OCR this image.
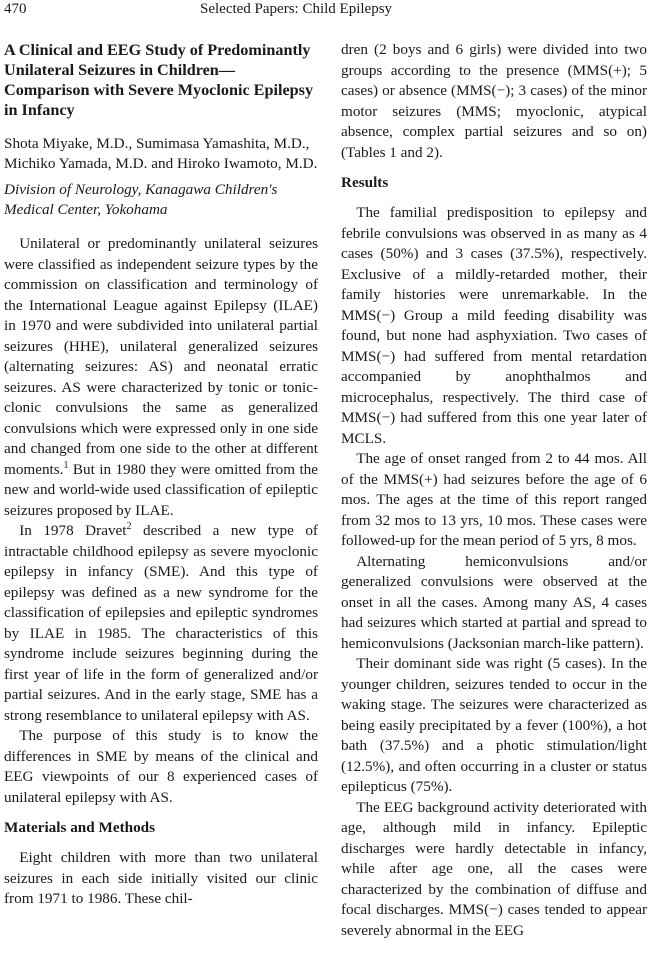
470	Selected Papers: Child Epilepsy
A Clinical and EEG Study of Predominantly Unilateral Seizures in Children—Comparison with Severe Myoclonic Epilepsy in Infancy

Shota Miyake, M.D., Sumimasa Yamashita, M.D., Michiko Yamada, M.D. and Hiroko Iwamoto, M.D.

Division of Neurology, Kanagawa Children's Medical Center, Yokohama

Unilateral or predominantly unilateral seizures were classified as independent seizure types by the commission on classification and terminology of the International League against Epilepsy (ILAE) in 1970 and were subdivided into unilateral partial seizures (HHE), unilateral generalized seizures (alternating seizures: AS) and neonatal erratic seizures. AS were characterized by tonic or tonic-clonic convulsions the same as generalized convulsions which were expressed only in one side and changed from one side to the other at different moments.$^1$ But in 1980 they were omitted from the new and world-wide used classification of epileptic seizures proposed by ILAE.

In 1978 Dravet$^2$ described a new type of intractable childhood epilepsy as severe myoclonic epilepsy in infancy (SME). And this type of epilepsy was defined as a new syndrome for the classification of epilepsies and epileptic syndromes by ILAE in 1985. The characteristics of this syndrome include seizures beginning during the first year of life in the form of generalized and/or partial seizures. And in the early stage, SME has a strong resemblance to unilateral epilepsy with AS.

The purpose of this study is to know the differences in SME by means of the clinical and EEG viewpoints of our 8 experienced cases of unilateral epilepsy with AS.

Materials and Methods

Eight children with more than two unilateral seizures in each side initially visited our clinic from 1971 to 1986. These chil-

dren (2 boys and 6 girls) were divided into two groups according to the presence (MMS(+); 5 cases) or absence (MMS(−); 3 cases) of the minor motor seizures (MMS; myoclonic, atypical absence, complex partial seizures and so on) (Tables 1 and 2).

Results

The familial predisposition to epilepsy and febrile convulsions was observed in as many as 4 cases (50%) and 3 cases (37.5%), respectively. Exclusive of a mildly-retarded mother, their family histories were unremarkable. In the MMS(−) Group a mild feeding disability was found, but none had asphyxiation. Two cases of MMS(−) had suffered from mental retardation accompanied by anophthalmos and microcephalus, respectively. The third case of MMS(−) had suffered from this one year later of MCLS.

The age of onset ranged from 2 to 44 mos. All of the MMS(+) had seizures before the age of 6 mos. The ages at the time of this report ranged from 32 mos to 13 yrs, 10 mos. These cases were followed-up for the mean period of 5 yrs, 8 mos.

Alternating hemiconvulsions and/or generalized convulsions were observed at the onset in all the cases. Among many AS, 4 cases had seizures which started at partial and spread to hemiconvulsions (Jacksonian march-like pattern).

Their dominant side was right (5 cases). In the younger children, seizures tended to occur in the waking stage. The seizures were characterized as being easily precipitated by a fever (100%), a hot bath (37.5%) and a photic stimulation/light (12.5%), and often occurring in a cluster or status epilepticus (75%).

The EEG background activity deteriorated with age, although mild in infancy. Epileptic discharges were hardly detectable in infancy, while after age one, all the cases were characterized by the combination of diffuse and focal discharges. MMS(−) cases tended to appear severely abnormal in the EEG
